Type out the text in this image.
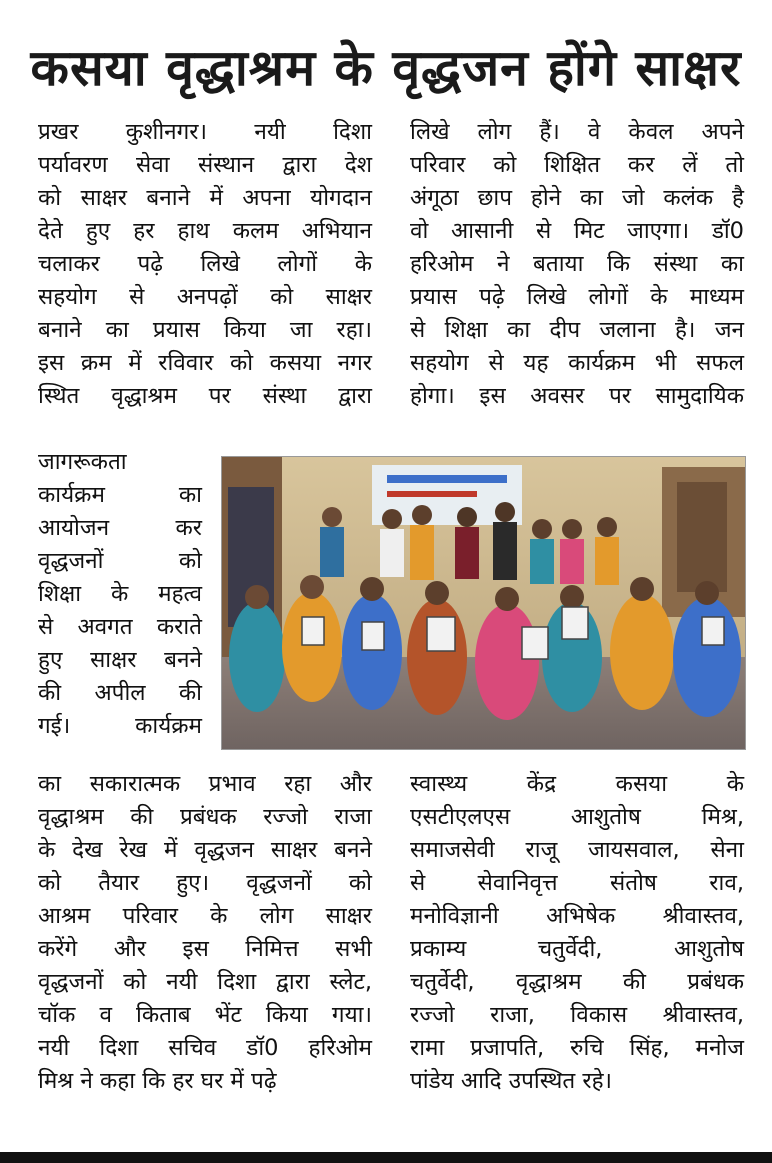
कसया वृद्धाश्रम के वृद्धजन होंगे साक्षर
प्रखर कुशीनगर। नयी दिशा
पर्यावरण सेवा संस्थान द्वारा देश
को साक्षर बनाने में अपना योगदान
देते हुए हर हाथ कलम अभियान
चलाकर पढ़े लिखे लोगों के
सहयोग से अनपढ़ों को साक्षर
बनाने का प्रयास किया जा रहा।
इस क्रम में रविवार को कसया नगर
स्थित वृद्धाश्रम पर संस्था द्वारा
जागरूकता
कार्यक्रम का
आयोजन कर
वृद्धजनों को
शिक्षा के महत्व
से अवगत कराते
हुए साक्षर बनने
की अपील की
गई। कार्यक्रम
का सकारात्मक प्रभाव रहा और
वृद्धाश्रम की प्रबंधक रज्जो राजा
के देख रेख में वृद्धजन साक्षर बनने
को तैयार हुए। वृद्धजनों को
आश्रम परिवार के लोग साक्षर
करेंगे और इस निमित्त सभी
वृद्धजनों को नयी दिशा द्वारा स्लेट,
चॉक व किताब भेंट किया गया।
नयी दिशा सचिव डॉ0 हरिओम
मिश्र ने कहा कि हर घर में पढ़े
लिखे लोग हैं। वे केवल अपने
परिवार को शिक्षित कर लें तो
अंगूठा छाप होने का जो कलंक है
वो आसानी से मिट जाएगा। डॉ0
हरिओम ने बताया कि संस्था का
प्रयास पढ़े लिखे लोगों के माध्यम
से शिक्षा का दीप जलाना है। जन
सहयोग से यह कार्यक्रम भी सफल
होगा। इस अवसर पर सामुदायिक
स्वास्थ्य केंद्र कसया के
एसटीएलएस आशुतोष मिश्र,
समाजसेवी राजू जायसवाल, सेना
से सेवानिवृत्त संतोष राव,
मनोविज्ञानी अभिषेक श्रीवास्तव,
प्रकाम्य चतुर्वेदी, आशुतोष
चतुर्वेदी, वृद्धाश्रम की प्रबंधक
रज्जो राजा, विकास श्रीवास्तव,
रामा प्रजापति, रुचि सिंह, मनोज
पांडेय आदि उपस्थित रहे।
